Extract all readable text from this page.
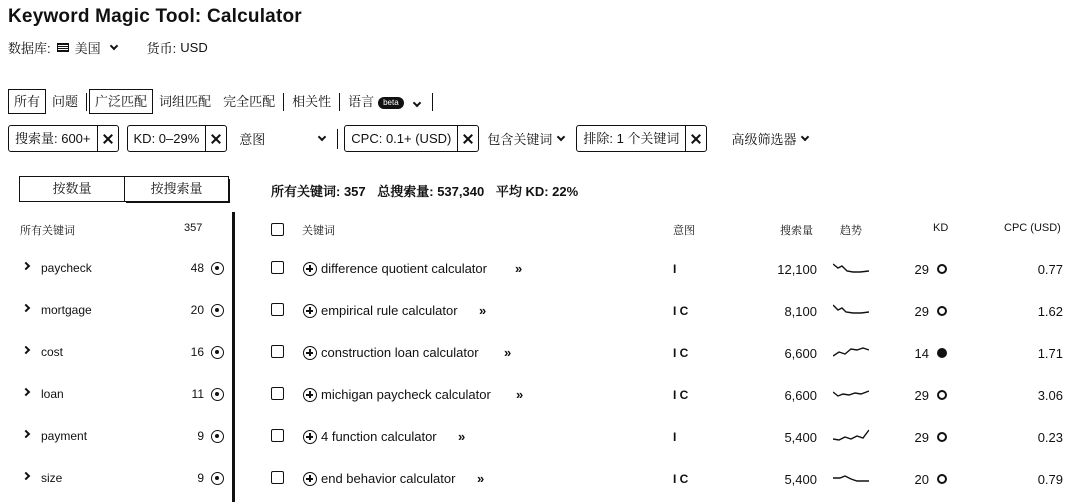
Keyword Magic Tool: Calculator
数据库: 美国	货币: USD
所有 问题	广泛匹配 词组匹配 完全匹配	相关性	语言 beta
搜索量: 600+	KD: 0–29%	意图	CPC: 0.1+ (USD)	包含关键词	排除: 1 个关键词	高级筛选器
按数量	按搜索量	所有关键词: 357 总搜索量: 537,340 平均 KD: 22%
所有关键词	357
paycheck	48
mortgage	20
cost	16
loan	11
payment	9
size	9
关键词	意图	搜索量 趋势	KD	CPC (USD)
difference quotient calculator »	I	12,100	29	0.77
empirical rule calculator »	I C	8,100	29	1.62
construction loan calculator »	I C	6,600	14	1.71
michigan paycheck calculator »	I C	6,600	29	3.06
4 function calculator »	I	5,400	29	0.23
end behavior calculator »	I C	5,400	20	0.79
